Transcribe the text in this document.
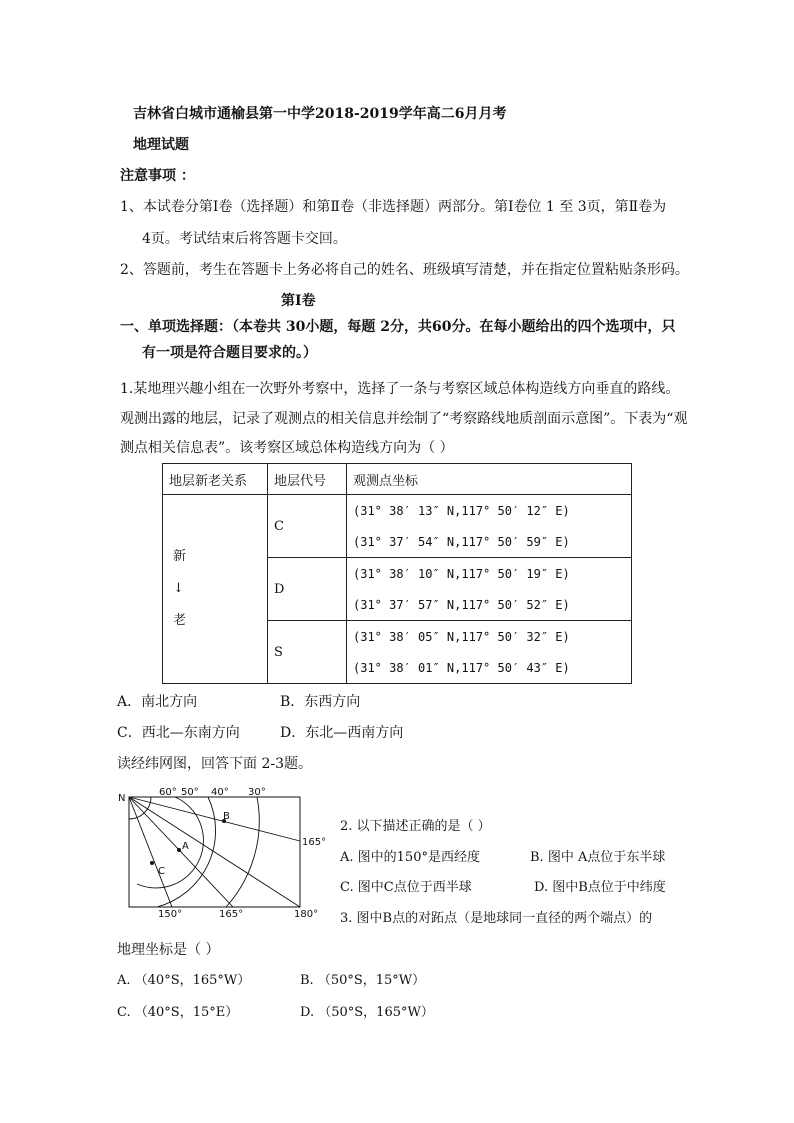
吉林省白城市通榆县第一中学2018-2019学年高二6月月考
地理试题
注意事项 ：
1、本试卷分第Ⅰ卷（选择题）和第Ⅱ卷（非选择题）两部分。第Ⅰ卷位 1 至 3页，第Ⅱ卷为
4页。考试结束后将答题卡交回。
2、答题前，考生在答题卡上务必将自己的姓名、班级填写清楚，并在指定位置粘贴条形码。
第Ⅰ卷
一、单项选择题：（本卷共 30小题，每题 2分，共60分。在每小题给出的四个选项中，只
有一项是符合题目要求的。）
1.某地理兴趣小组在一次野外考察中，选择了一条与考察区域总体构造线方向垂直的路线。
观测出露的地层，记录了观测点的相关信息并绘制了“考察路线地质剖面示意图”。下表为“观
测点相关信息表”。该考察区域总体构造线方向为（ ）
地层新老关系	地层代号	观测点坐标

新
↓
老	C	(31° 38′ 13″ N,117° 50′ 12″ E)
		(31° 37′ 54″ N,117° 50′ 59″ E)
	D	(31° 38′ 10″ N,117° 50′ 19″ E)
		(31° 37′ 57″ N,117° 50′ 52″ E)
	S	(31° 38′ 05″ N,117° 50′ 32″ E)
		(31° 38′ 01″ N,117° 50′ 43″ E)
A．南北方向	B．东西方向
C．西北—东南方向	D．东北—西南方向
读经纬网图，回答下面 2-3题。
N
60° 50° 40° 30°
150°	165°	180°
165°
B
A
C
2. 以下描述正确的是（ ）
A. 图中的150°是西经度	B. 图中 A点位于东半球
C. 图中C点位于西半球	D. 图中B点位于中纬度
3. 图中B点的对跖点（是地球同一直径的两个端点）的
地理坐标是（ ）
A. （40°S，165°W）	B. （50°S，15°W）
C. （40°S，15°E）	D. （50°S，165°W）
